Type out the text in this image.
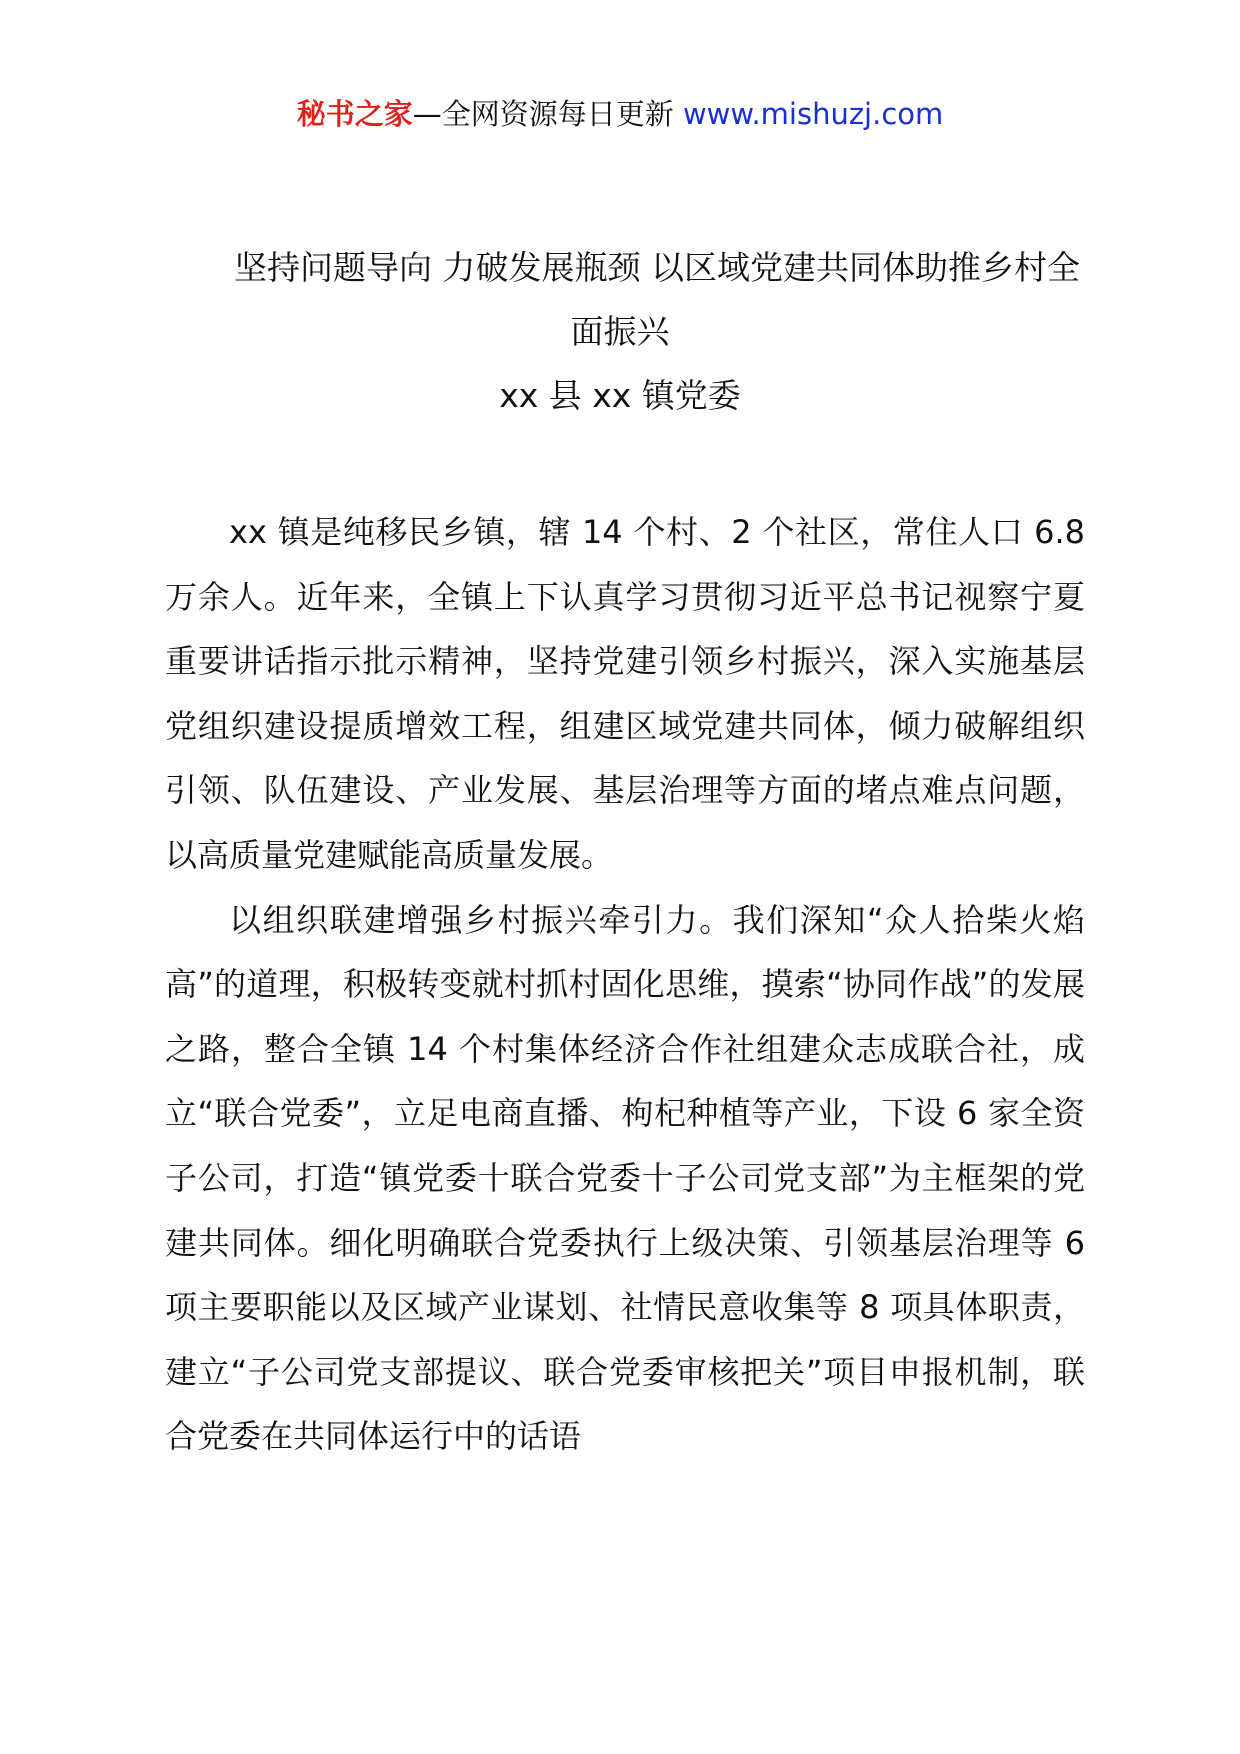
秘书之家—全网资源每日更新 www.mishuzj.com
坚持问题导向 力破发展瓶颈 以区域党建共同体助推乡村全
面振兴
xx 县 xx 镇党委

xx 镇是纯移民乡镇，辖 14 个村、2 个社区，常住人口 6.8 万余人。近年来，全镇上下认真学习贯彻习近平总书记视察宁夏重要讲话指示批示精神，坚持党建引领乡村振兴，深入实施基层党组织建设提质增效工程，组建区域党建共同体，倾力破解组织引领、队伍建设、产业发展、基层治理等方面的堵点难点问题，以高质量党建赋能高质量发展。

以组织联建增强乡村振兴牵引力。我们深知“众人拾柴火焰高”的道理，积极转变就村抓村固化思维，摸索“协同作战”的发展之路，整合全镇 14 个村集体经济合作社组建众志成联合社，成立“联合党委”，立足电商直播、枸杞种植等产业，下设 6 家全资子公司，打造“镇党委十联合党委十子公司党支部”为主框架的党建共同体。细化明确联合党委执行上级决策、引领基层治理等 6 项主要职能以及区域产业谋划、社情民意收集等 8 项具体职责，建立“子公司党支部提议、联合党委审核把关”项目申报机制，联合党委在共同体运行中的话语
